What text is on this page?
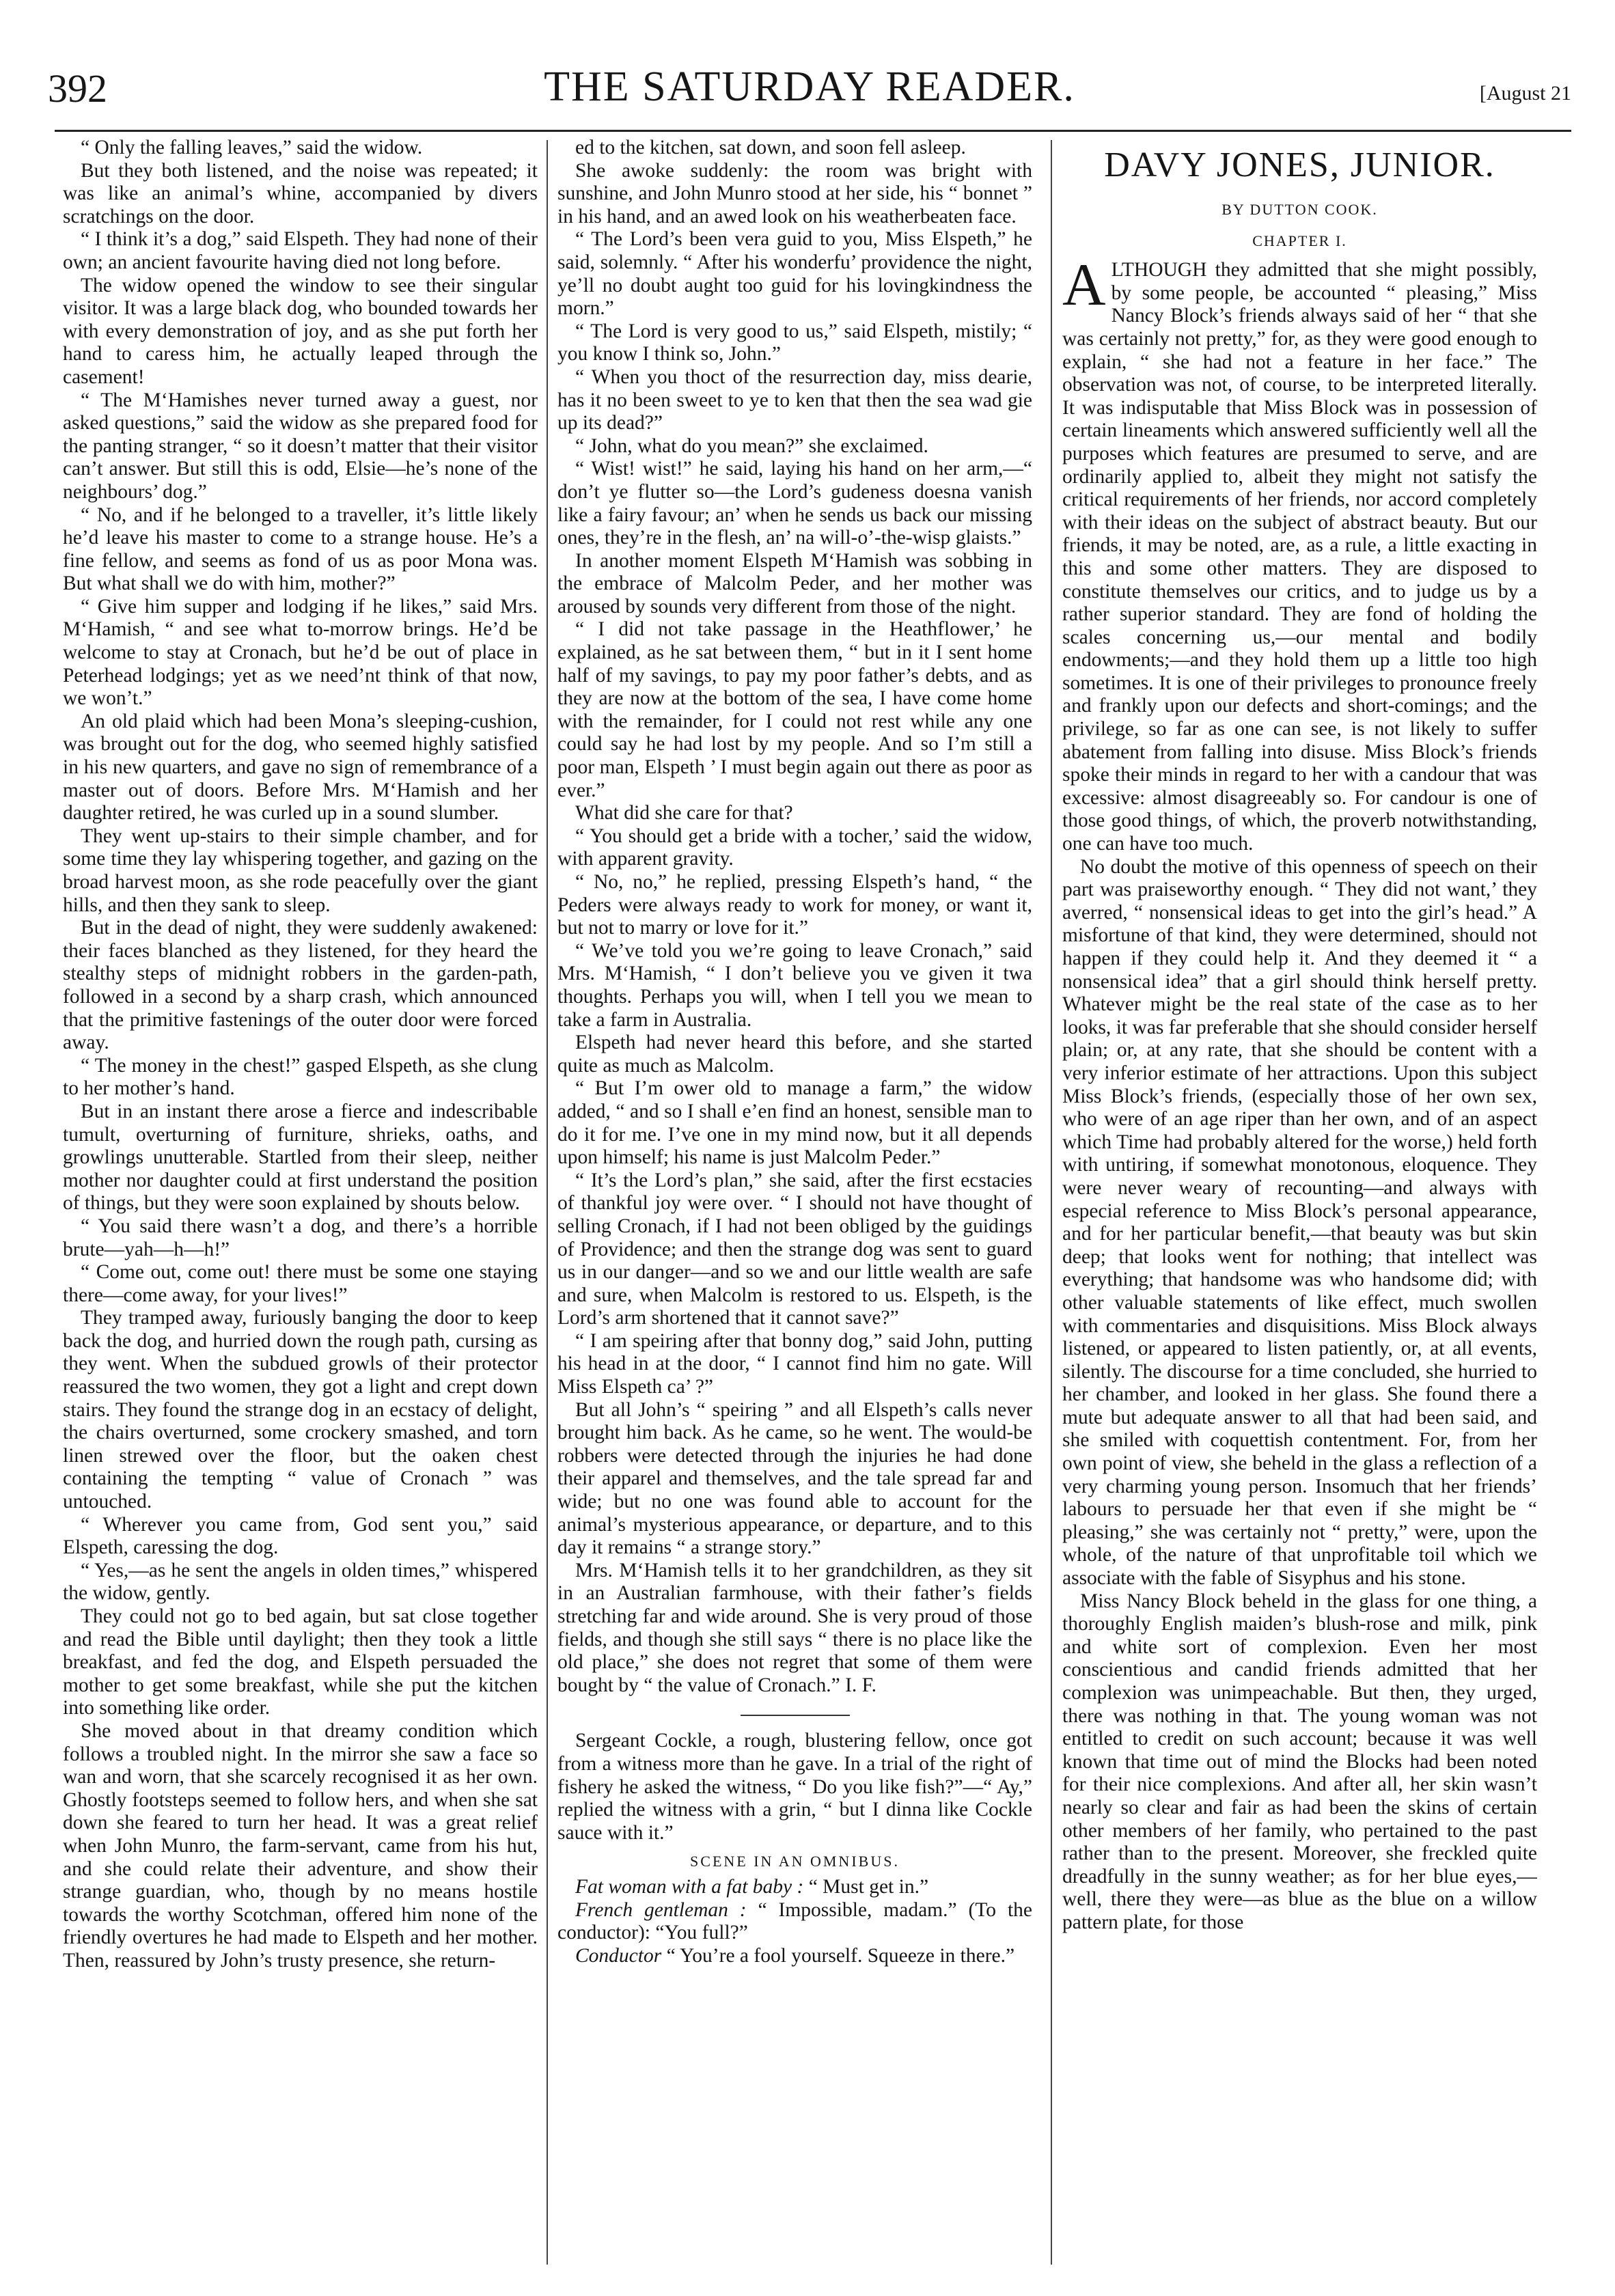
392	THE SATURDAY READER.	[August 21

“ Only the falling leaves,” said the widow.

But they both listened, and the noise was repeated; it was like an animal’s whine, accompanied by divers scratchings on the door.

“ I think it’s a dog,” said Elspeth. They had none of their own; an ancient favourite having died not long before.

The widow opened the window to see their singular visitor. It was a large black dog, who bounded towards her with every demonstration of joy, and as she put forth her hand to caress him, he actually leaped through the casement!

“ The M‘Hamishes never turned away a guest, nor asked questions,” said the widow as she prepared food for the panting stranger, “ so it doesn’t matter that their visitor can’t answer. But still this is odd, Elsie—he’s none of the neighbours’ dog.”

“ No, and if he belonged to a traveller, it’s little likely he’d leave his master to come to a strange house. He’s a fine fellow, and seems as fond of us as poor Mona was. But what shall we do with him, mother?”

“ Give him supper and lodging if he likes,” said Mrs. M‘Hamish, “ and see what to-morrow brings. He’d be welcome to stay at Cronach, but he’d be out of place in Peterhead lodgings; yet as we need’nt think of that now, we won’t.”

An old plaid which had been Mona’s sleeping-cushion, was brought out for the dog, who seemed highly satisfied in his new quarters, and gave no sign of remembrance of a master out of doors. Before Mrs. M‘Hamish and her daughter retired, he was curled up in a sound slumber.

They went up-stairs to their simple chamber, and for some time they lay whispering together, and gazing on the broad harvest moon, as she rode peacefully over the giant hills, and then they sank to sleep.

But in the dead of night, they were suddenly awakened: their faces blanched as they listened, for they heard the stealthy steps of midnight robbers in the garden-path, followed in a second by a sharp crash, which announced that the primitive fastenings of the outer door were forced away.

“ The money in the chest!” gasped Elspeth, as she clung to her mother’s hand.

But in an instant there arose a fierce and indescribable tumult, overturning of furniture, shrieks, oaths, and growlings unutterable. Startled from their sleep, neither mother nor daughter could at first understand the position of things, but they were soon explained by shouts below.

“ You said there wasn’t a dog, and there’s a horrible brute—yah—h—h!”

“ Come out, come out! there must be some one staying there—come away, for your lives!”

They tramped away, furiously banging the door to keep back the dog, and hurried down the rough path, cursing as they went. When the subdued growls of their protector reassured the two women, they got a light and crept down stairs. They found the strange dog in an ecstacy of delight, the chairs overturned, some crockery smashed, and torn linen strewed over the floor, but the oaken chest containing the tempting “ value of Cronach ” was untouched.

“ Wherever you came from, God sent you,” said Elspeth, caressing the dog.

“ Yes,—as he sent the angels in olden times,” whispered the widow, gently.

They could not go to bed again, but sat close together and read the Bible until daylight; then they took a little breakfast, and fed the dog, and Elspeth persuaded the mother to get some breakfast, while she put the kitchen into something like order.

She moved about in that dreamy condition which follows a troubled night. In the mirror she saw a face so wan and worn, that she scarcely recognised it as her own. Ghostly footsteps seemed to follow hers, and when she sat down she feared to turn her head. It was a great relief when John Munro, the farm-servant, came from his hut, and she could relate their adventure, and show their strange guardian, who, though by no means hostile towards the worthy Scotchman, offered him none of the friendly overtures he had made to Elspeth and her mother. Then, reassured by John’s trusty presence, she return-

ed to the kitchen, sat down, and soon fell asleep.

She awoke suddenly: the room was bright with sunshine, and John Munro stood at her side, his “ bonnet ” in his hand, and an awed look on his weatherbeaten face.

“ The Lord’s been vera guid to you, Miss Elspeth,” he said, solemnly. “ After his wonderfu’ providence the night, ye’ll no doubt aught too guid for his lovingkindness the morn.”

“ The Lord is very good to us,” said Elspeth, mistily; “ you know I think so, John.”

“ When you thoct of the resurrection day, miss dearie, has it no been sweet to ye to ken that then the sea wad gie up its dead?”

“ John, what do you mean?” she exclaimed.

“ Wist! wist!” he said, laying his hand on her arm,—“ don’t ye flutter so—the Lord’s gudeness doesna vanish like a fairy favour; an’ when he sends us back our missing ones, they’re in the flesh, an’ na will-o’-the-wisp glaists.”

In another moment Elspeth M‘Hamish was sobbing in the embrace of Malcolm Peder, and her mother was aroused by sounds very different from those of the night.

“ I did not take passage in the Heathflower,’ he explained, as he sat between them, “ but in it I sent home half of my savings, to pay my poor father’s debts, and as they are now at the bottom of the sea, I have come home with the remainder, for I could not rest while any one could say he had lost by my people. And so I’m still a poor man, Elspeth ’ I must begin again out there as poor as ever.”

What did she care for that?

“ You should get a bride with a tocher,’ said the widow, with apparent gravity.

“ No, no,” he replied, pressing Elspeth’s hand, “ the Peders were always ready to work for money, or want it, but not to marry or love for it.”

“ We’ve told you we’re going to leave Cronach,” said Mrs. M‘Hamish, “ I don’t believe you ve given it twa thoughts. Perhaps you will, when I tell you we mean to take a farm in Australia.

Elspeth had never heard this before, and she started quite as much as Malcolm.

“ But I’m ower old to manage a farm,” the widow added, “ and so I shall e’en find an honest, sensible man to do it for me. I’ve one in my mind now, but it all depends upon himself; his name is just Malcolm Peder.”

“ It’s the Lord’s plan,” she said, after the first ecstacies of thankful joy were over. “ I should not have thought of selling Cronach, if I had not been obliged by the guidings of Providence; and then the strange dog was sent to guard us in our danger—and so we and our little wealth are safe and sure, when Malcolm is restored to us. Elspeth, is the Lord’s arm shortened that it cannot save?”

“ I am speiring after that bonny dog,” said John, putting his head in at the door, “ I cannot find him no gate. Will Miss Elspeth ca’ ?”

But all John’s “ speiring ” and all Elspeth’s calls never brought him back. As he came, so he went. The would-be robbers were detected through the injuries he had done their apparel and themselves, and the tale spread far and wide; but no one was found able to account for the animal’s mysterious appearance, or departure, and to this day it remains “ a strange story.”

Mrs. M‘Hamish tells it to her grandchildren, as they sit in an Australian farmhouse, with their father’s fields stretching far and wide around. She is very proud of those fields, and though she still says “ there is no place like the old place,” she does not regret that some of them were bought by “ the value of Cronach.” I. F.

Sergeant Cockle, a rough, blustering fellow, once got from a witness more than he gave. In a trial of the right of fishery he asked the witness, “ Do you like fish?”—“ Ay,” replied the witness with a grin, “ but I dinna like Cockle sauce with it.”

SCENE IN AN OMNIBUS.

Fat woman with a fat baby : “ Must get in.”

French gentleman : “ Impossible, madam.” (To the conductor): “You full?”

Conductor “ You’re a fool yourself. Squeeze in there.”

DAVY JONES, JUNIOR.

BY DUTTON COOK.

CHAPTER I.

ALTHOUGH they admitted that she might possibly, by some people, be accounted “ pleasing,” Miss Nancy Block’s friends always said of her “ that she was certainly not pretty,” for, as they were good enough to explain, “ she had not a feature in her face.” The observation was not, of course, to be interpreted literally. It was indisputable that Miss Block was in possession of certain lineaments which answered sufficiently well all the purposes which features are presumed to serve, and are ordinarily applied to, albeit they might not satisfy the critical requirements of her friends, nor accord completely with their ideas on the subject of abstract beauty. But our friends, it may be noted, are, as a rule, a little exacting in this and some other matters. They are disposed to constitute themselves our critics, and to judge us by a rather superior standard. They are fond of holding the scales concerning us,—our mental and bodily endowments;—and they hold them up a little too high sometimes. It is one of their privileges to pronounce freely and frankly upon our defects and short-comings; and the privilege, so far as one can see, is not likely to suffer abatement from falling into disuse. Miss Block’s friends spoke their minds in regard to her with a candour that was excessive: almost disagreeably so. For candour is one of those good things, of which, the proverb notwithstanding, one can have too much.

No doubt the motive of this openness of speech on their part was praiseworthy enough. “ They did not want,’ they averred, “ nonsensical ideas to get into the girl’s head.” A misfortune of that kind, they were determined, should not happen if they could help it. And they deemed it “ a nonsensical idea” that a girl should think herself pretty. Whatever might be the real state of the case as to her looks, it was far preferable that she should consider herself plain; or, at any rate, that she should be content with a very inferior estimate of her attractions. Upon this subject Miss Block’s friends, (especially those of her own sex, who were of an age riper than her own, and of an aspect which Time had probably altered for the worse,) held forth with untiring, if somewhat monotonous, eloquence. They were never weary of recounting—and always with especial reference to Miss Block’s personal appearance, and for her particular benefit,—that beauty was but skin deep; that looks went for nothing; that intellect was everything; that handsome was who handsome did; with other valuable statements of like effect, much swollen with commentaries and disquisitions. Miss Block always listened, or appeared to listen patiently, or, at all events, silently. The discourse for a time concluded, she hurried to her chamber, and looked in her glass. She found there a mute but adequate answer to all that had been said, and she smiled with coquettish contentment. For, from her own point of view, she beheld in the glass a reflection of a very charming young person. Insomuch that her friends’ labours to persuade her that even if she might be “ pleasing,” she was certainly not “ pretty,” were, upon the whole, of the nature of that unprofitable toil which we associate with the fable of Sisyphus and his stone.

Miss Nancy Block beheld in the glass for one thing, a thoroughly English maiden’s blush-rose and milk, pink and white sort of complexion. Even her most conscientious and candid friends admitted that her complexion was unimpeachable. But then, they urged, there was nothing in that. The young woman was not entitled to credit on such account; because it was well known that time out of mind the Blocks had been noted for their nice complexions. And after all, her skin wasn’t nearly so clear and fair as had been the skins of certain other members of her family, who pertained to the past rather than to the present. Moreover, she freckled quite dreadfully in the sunny weather; as for her blue eyes,—well, there they were—as blue as the blue on a willow pattern plate, for those
